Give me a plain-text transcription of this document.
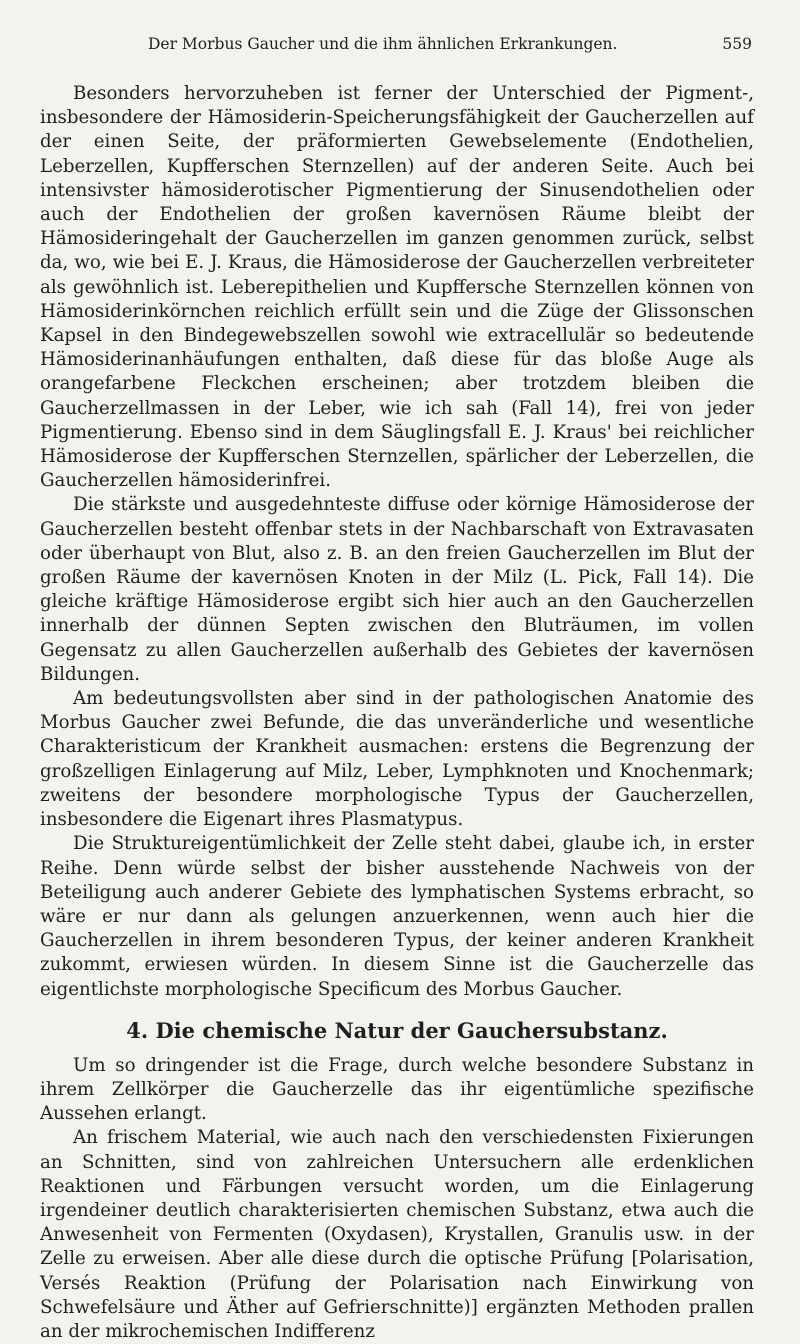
Der Morbus Gaucher und die ihm ähnlichen Erkrankungen.	559

Besonders hervorzuheben ist ferner der Unterschied der Pigment-, insbesondere der Hämosiderin-Speicherungsfähigkeit der Gaucherzellen auf der einen Seite, der präformierten Gewebselemente (Endothelien, Leberzellen, Kupfferschen Sternzellen) auf der anderen Seite. Auch bei intensivster hämosiderotischer Pigmentierung der Sinusendothelien oder auch der Endothelien der großen kavernösen Räume bleibt der Hämosideringehalt der Gaucherzellen im ganzen genommen zurück, selbst da, wo, wie bei E. J. Kraus, die Hämosiderose der Gaucherzellen verbreiteter als gewöhnlich ist. Leberepithelien und Kupffersche Sternzellen können von Hämosiderinkörnchen reichlich erfüllt sein und die Züge der Glissonschen Kapsel in den Bindegewebszellen sowohl wie extracellulär so bedeutende Hämosiderinanhäufungen enthalten, daß diese für das bloße Auge als orangefarbene Fleckchen erscheinen; aber trotzdem bleiben die Gaucherzellmassen in der Leber, wie ich sah (Fall 14), frei von jeder Pigmentierung. Ebenso sind in dem Säuglingsfall E. J. Kraus' bei reichlicher Hämosiderose der Kupfferschen Sternzellen, spärlicher der Leberzellen, die Gaucherzellen hämosiderinfrei.

Die stärkste und ausgedehnteste diffuse oder körnige Hämosiderose der Gaucherzellen besteht offenbar stets in der Nachbarschaft von Extravasaten oder überhaupt von Blut, also z. B. an den freien Gaucherzellen im Blut der großen Räume der kavernösen Knoten in der Milz (L. Pick, Fall 14). Die gleiche kräftige Hämosiderose ergibt sich hier auch an den Gaucherzellen innerhalb der dünnen Septen zwischen den Bluträumen, im vollen Gegensatz zu allen Gaucherzellen außerhalb des Gebietes der kavernösen Bildungen.

Am bedeutungsvollsten aber sind in der pathologischen Anatomie des Morbus Gaucher zwei Befunde, die das unveränderliche und wesentliche Charakteristicum der Krankheit ausmachen: erstens die Begrenzung der großzelligen Einlagerung auf Milz, Leber, Lymphknoten und Knochenmark; zweitens der besondere morphologische Typus der Gaucherzellen, insbesondere die Eigenart ihres Plasmatypus.

Die Struktureigentümlichkeit der Zelle steht dabei, glaube ich, in erster Reihe. Denn würde selbst der bisher ausstehende Nachweis von der Beteiligung auch anderer Gebiete des lymphatischen Systems erbracht, so wäre er nur dann als gelungen anzuerkennen, wenn auch hier die Gaucherzellen in ihrem besonderen Typus, der keiner anderen Krankheit zukommt, erwiesen würden. In diesem Sinne ist die Gaucherzelle das eigentlichste morphologische Specificum des Morbus Gaucher.

4. Die chemische Natur der Gauchersubstanz.

Um so dringender ist die Frage, durch welche besondere Substanz in ihrem Zellkörper die Gaucherzelle das ihr eigentümliche spezifische Aussehen erlangt.

An frischem Material, wie auch nach den verschiedensten Fixierungen an Schnitten, sind von zahlreichen Untersuchern alle erdenklichen Reaktionen und Färbungen versucht worden, um die Einlagerung irgendeiner deutlich charakterisierten chemischen Substanz, etwa auch die Anwesenheit von Fermenten (Oxydasen), Krystallen, Granulis usw. in der Zelle zu erweisen. Aber alle diese durch die optische Prüfung [Polarisation, Versés Reaktion (Prüfung der Polarisation nach Einwirkung von Schwefelsäure und Äther auf Gefrierschnitte)] ergänzten Methoden prallen an der mikrochemischen Indifferenz
